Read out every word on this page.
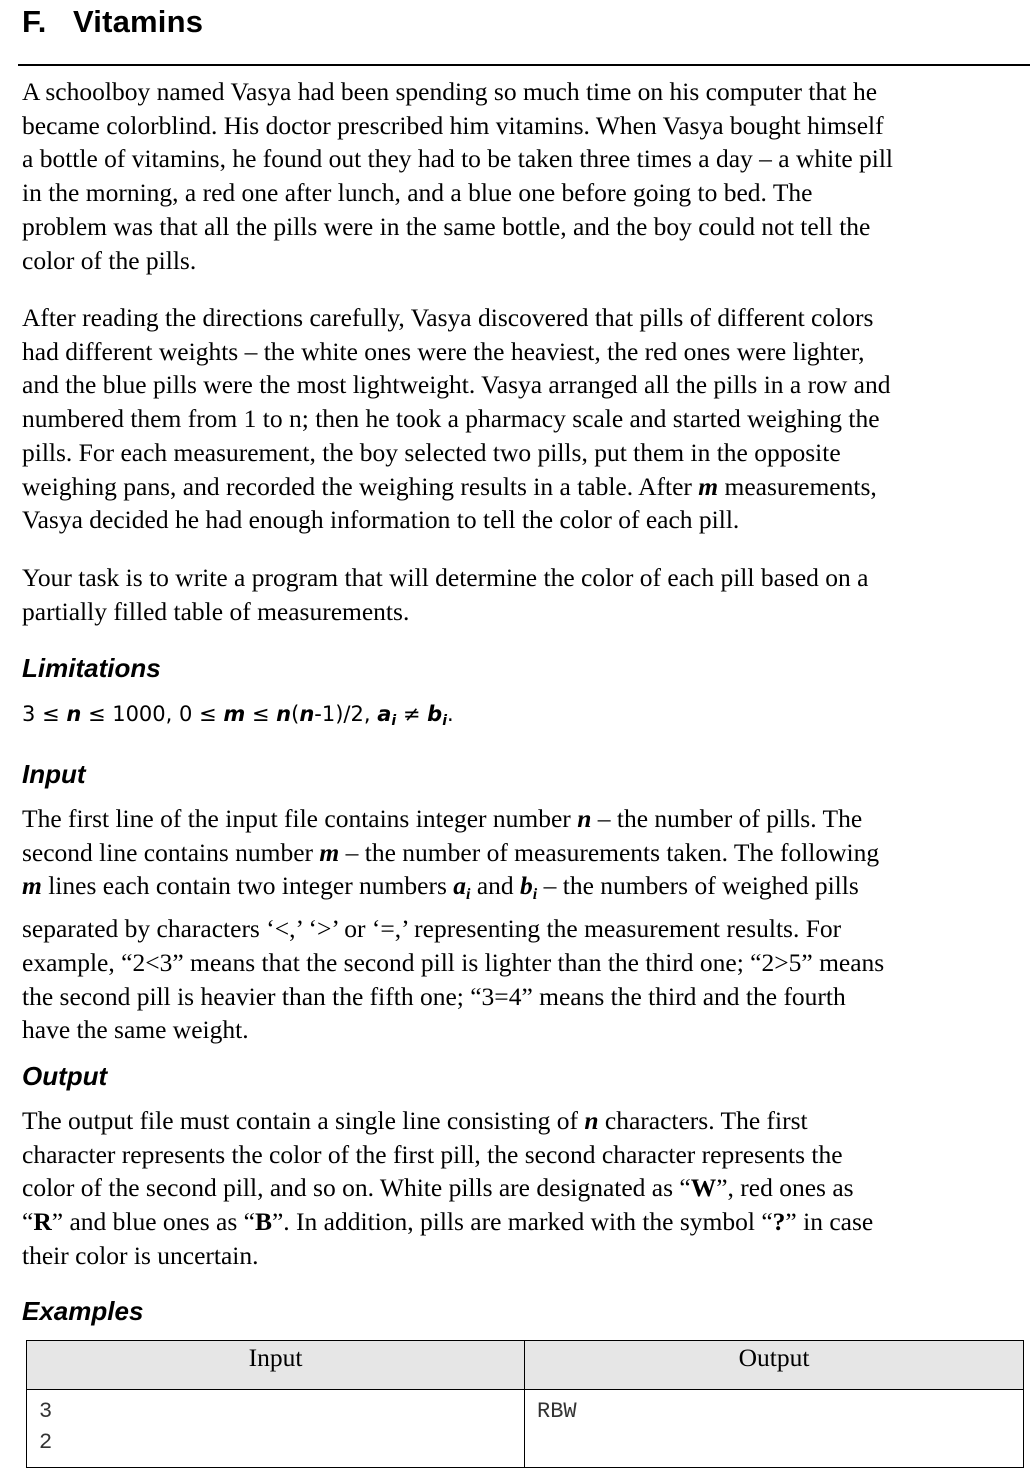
F.   Vitamins

A schoolboy named Vasya had been spending so much time on his computer that he
became colorblind. His doctor prescribed him vitamins. When Vasya bought himself
a bottle of vitamins, he found out they had to be taken three times a day – a white pill
in the morning, a red one after lunch, and a blue one before going to bed. The
problem was that all the pills were in the same bottle, and the boy could not tell the
color of the pills.

After reading the directions carefully, Vasya discovered that pills of different colors
had different weights – the white ones were the heaviest, the red ones were lighter,
and the blue pills were the most lightweight. Vasya arranged all the pills in a row and
numbered them from 1 to n; then he took a pharmacy scale and started weighing the
pills. For each measurement, the boy selected two pills, put them in the opposite
weighing pans, and recorded the weighing results in a table. After m measurements,
Vasya decided he had enough information to tell the color of each pill.

Your task is to write a program that will determine the color of each pill based on a
partially filled table of measurements.

Limitations

3 ≤ n ≤ 1000, 0 ≤ m ≤ n(n-1)/2, $a_i \ne b_i$.

Input

The first line of the input file contains integer number n – the number of pills. The
second line contains number m – the number of measurements taken. The following
m lines each contain two integer numbers $a_i$ and $b_i$ – the numbers of weighed pills
separated by characters ‘<,’ ‘>’ or ‘=,’ representing the measurement results. For
example, “2<3” means that the second pill is lighter than the third one; “2>5” means
the second pill is heavier than the fifth one; “3=4” means the third and the fourth
have the same weight.

Output

The output file must contain a single line consisting of n characters. The first
character represents the color of the first pill, the second character represents the
color of the second pill, and so on. White pills are designated as “W”, red ones as
“R” and blue ones as “B”. In addition, pills are marked with the symbol “?” in case
their color is uncertain.

Examples
Input	Output

3
2	RBW
